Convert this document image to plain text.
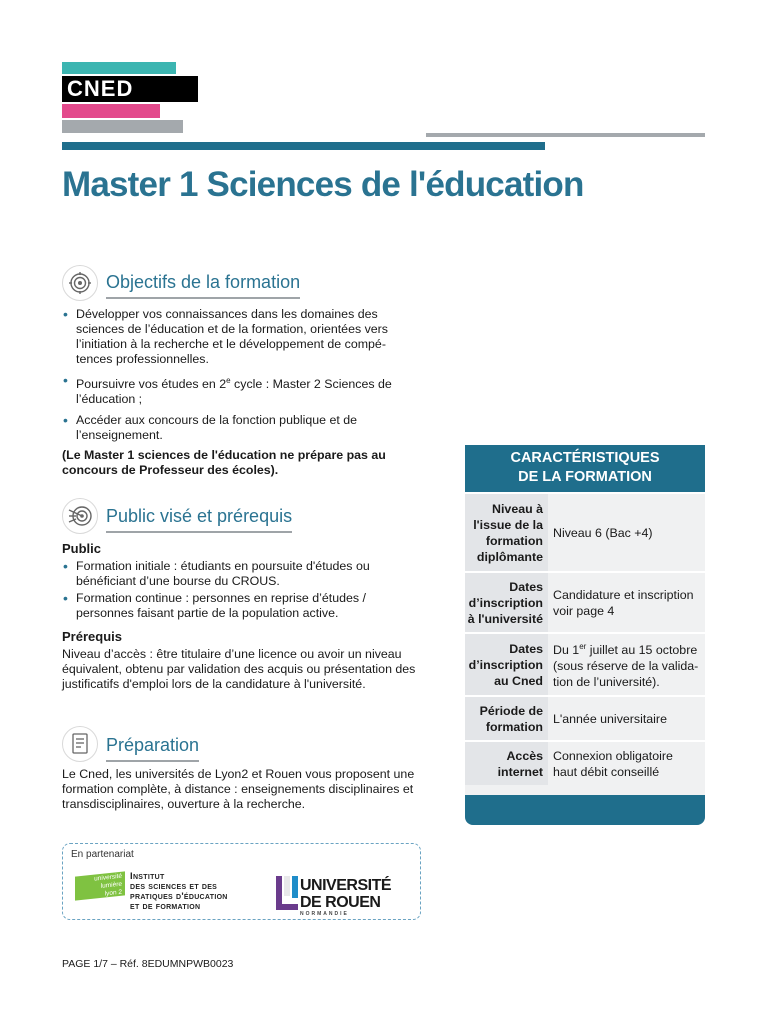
CNED
Master 1 Sciences de l'éducation
Objectifs de la formation
• Développer vos connaissances dans les domaines des sciences de l’éducation et de la formation, orientées vers l’initiation à la recherche et le développement de compé-tences professionnelles.
• Poursuivre vos études en 2e cycle : Master 2 Sciences de l’éducation ;
• Accéder aux concours de la fonction publique et de l’enseignement.
(Le Master 1 sciences de l'éducation ne prépare pas au concours de Professeur des écoles).
Public visé et prérequis
Public
• Formation initiale : étudiants en poursuite d'études ou bénéficiant d’une bourse du CROUS.
• Formation continue : personnes en reprise d’études / personnes faisant partie de la population active.
Prérequis
Niveau d’accès : être titulaire d’une licence ou avoir un niveau équivalent, obtenu par validation des acquis ou présentation des justificatifs d'emploi lors de la candidature à l'université.
Préparation
Le Cned, les universités de Lyon2 et Rouen vous proposent une formation complète, à distance : enseignements disciplinaires et transdisciplinaires, ouverture à la recherche.
CARACTÉRISTIQUES
DE LA FORMATION
Niveau à l'issue de la formation diplômante
Niveau 6 (Bac +4)
Dates d’inscription à l'université
Candidature et inscription voir page 4
Dates d’inscription au Cned
Du 1er juillet au 15 octobre (sous réserve de la valida-tion de l’université).
Période de formation
L'année universitaire
Accès internet
Connexion obligatoire haut débit conseillé
En partenariat
université
lumière
lyon 2
Institut
des sciences et des
pratiques d'éducation
et de formation
UNIVERSITÉ
DE ROUEN
NORMANDIE
PAGE 1/7 – Réf. 8EDUMNPWB0023
